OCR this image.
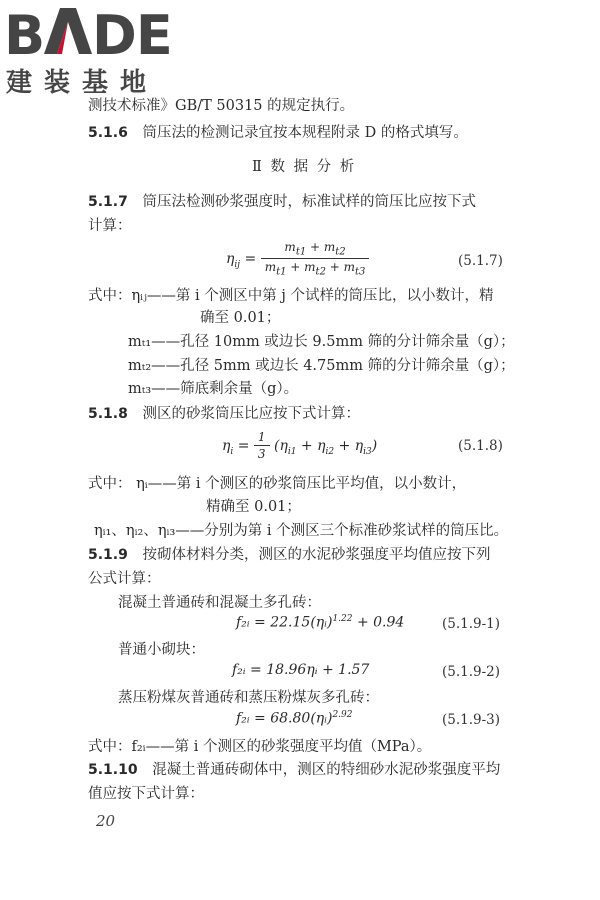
B DE
建装基地
测技术标准》GB/T 50315 的规定执行。
5.1.6 筒压法的检测记录宜按本规程附录 D 的格式填写。
Ⅱ 数 据 分 析
5.1.7 筒压法检测砂浆强度时，标准试样的筒压比应按下式
计算：
$\eta_{ij} = \frac{m_{t1} + m_{t2}}{m_{t1} + m_{t2} + m_{t3}}$	(5.1.7)
式中：ηᵢⱼ——第 i 个测区中第 j 个试样的筒压比，以小数计，精
确至 0.01；
mₜ₁——孔径 10mm 或边长 9.5mm 筛的分计筛余量（g）；
mₜ₂——孔径 5mm 或边长 4.75mm 筛的分计筛余量（g）；
mₜ₃——筛底剩余量（g）。
5.1.8 测区的砂浆筒压比应按下式计算：
$\eta_i = \frac{1}{3} (\eta_{i1} + \eta_{i2} + \eta_{i3})$	(5.1.8)
式中： ηᵢ——第 i 个测区的砂浆筒压比平均值，以小数计，
精确至 0.01；
ηᵢ₁、ηᵢ₂、ηᵢ₃——分别为第 i 个测区三个标准砂浆试样的筒压比。
5.1.9 按砌体材料分类，测区的水泥砂浆强度平均值应按下列
公式计算：
混凝土普通砖和混凝土多孔砖：
f₂ᵢ = 22.15(ηᵢ)$^{1.22}$ + 0.94	(5.1.9-1)
普通小砌块：
f₂ᵢ = 18.96ηᵢ + 1.57	(5.1.9-2)
蒸压粉煤灰普通砖和蒸压粉煤灰多孔砖：
f₂ᵢ = 68.80(ηᵢ)$^{2.92}$	(5.1.9-3)
式中：f₂ᵢ——第 i 个测区的砂浆强度平均值（MPa）。
5.1.10 混凝土普通砖砌体中，测区的特细砂水泥砂浆强度平均
值应按下式计算：
20
